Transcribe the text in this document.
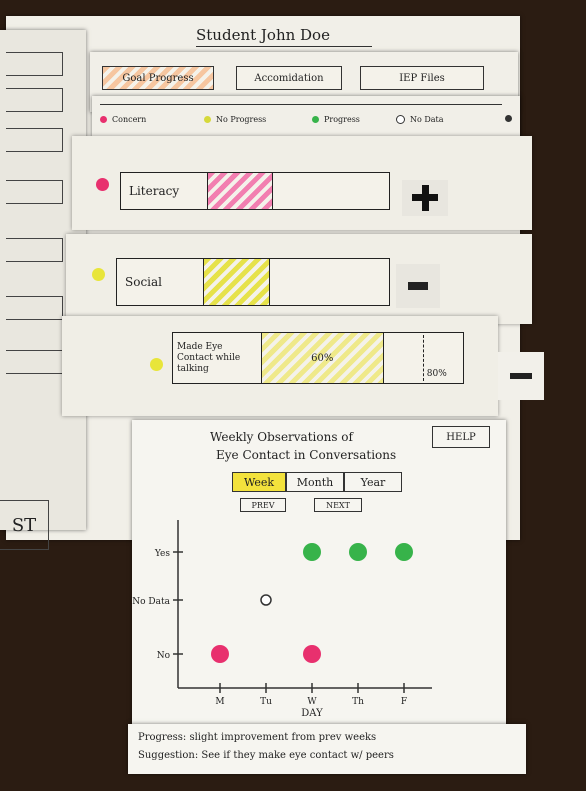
ST
Student John Doe
Goal Progress	Accomidation	IEP Files
Concern	No Progress	Progress	No Data
Literacy
Social
Made Eye Contact while talking
60%
80%
Weekly Observations of
Eye Contact in Conversations
HELP
Week	Month	Year
PREV	NEXT
No
No Data
Yes
M	Tu	W	Th	F
DAY
Progress: slight improvement from prev weeks
Suggestion: See if they make eye contact w/ peers
